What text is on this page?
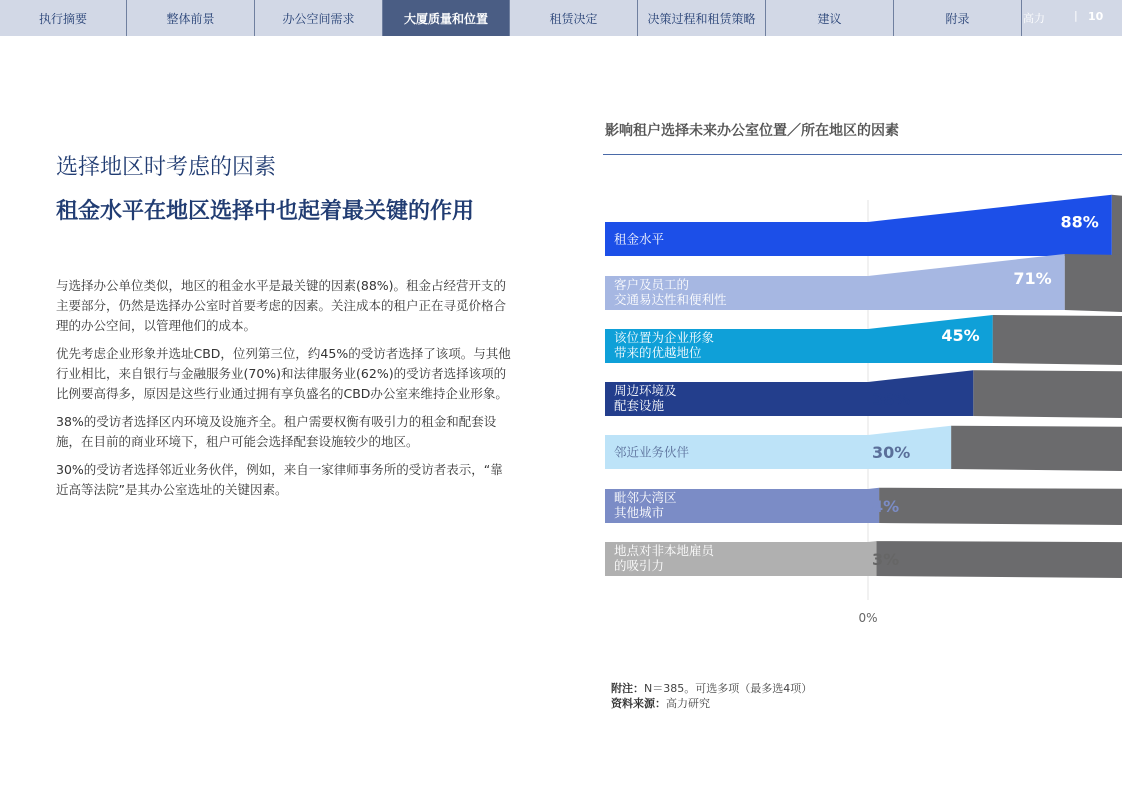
执行摘要	整体前景	办公空间需求	大厦质量和位置	租赁决定	决策过程和租赁策略	建议	附录	高力	| 10
选择地区时考虑的因素
租金水平在地区选择中也起着最关键的作用

与选择办公单位类似，地区的租金水平是最关键的因素(88%)。租金占经营开支的主要部分，仍然是选择办公室时首要考虑的因素。关注成本的租户正在寻觅价格合理的办公空间，以管理他们的成本。

优先考虑企业形象并选址CBD，位列第三位，约45%的受访者选择了该项。与其他行业相比，来自银行与金融服务业(70%)和法律服务业(62%)的受访者选择该项的比例要高得多，原因是这些行业通过拥有享负盛名的CBD办公室来维持企业形象。

38%的受访者选择区内环境及设施齐全。租户需要权衡有吸引力的租金和配套设施，在目前的商业环境下，租户可能会选择配套设施较少的地区。

30%的受访者选择邻近业务伙伴，例如，来自一家律师事务所的受访者表示，“靠近高等法院”是其办公室选址的关键因素。

影响租户选择未来办公室位置／所在地区的因素
租金水平
88%
客户及员工的交通易达性和便利性
71%
该位置为企业形象带来的优越地位
45%
周边环境及配套设施	38%
邻近业务伙伴	30%
毗邻大湾区其他城市	4%
地点对非本地雇员的吸引力	3%
0%
附注：N＝385。可选多项（最多选4项）
资料来源：高力研究
